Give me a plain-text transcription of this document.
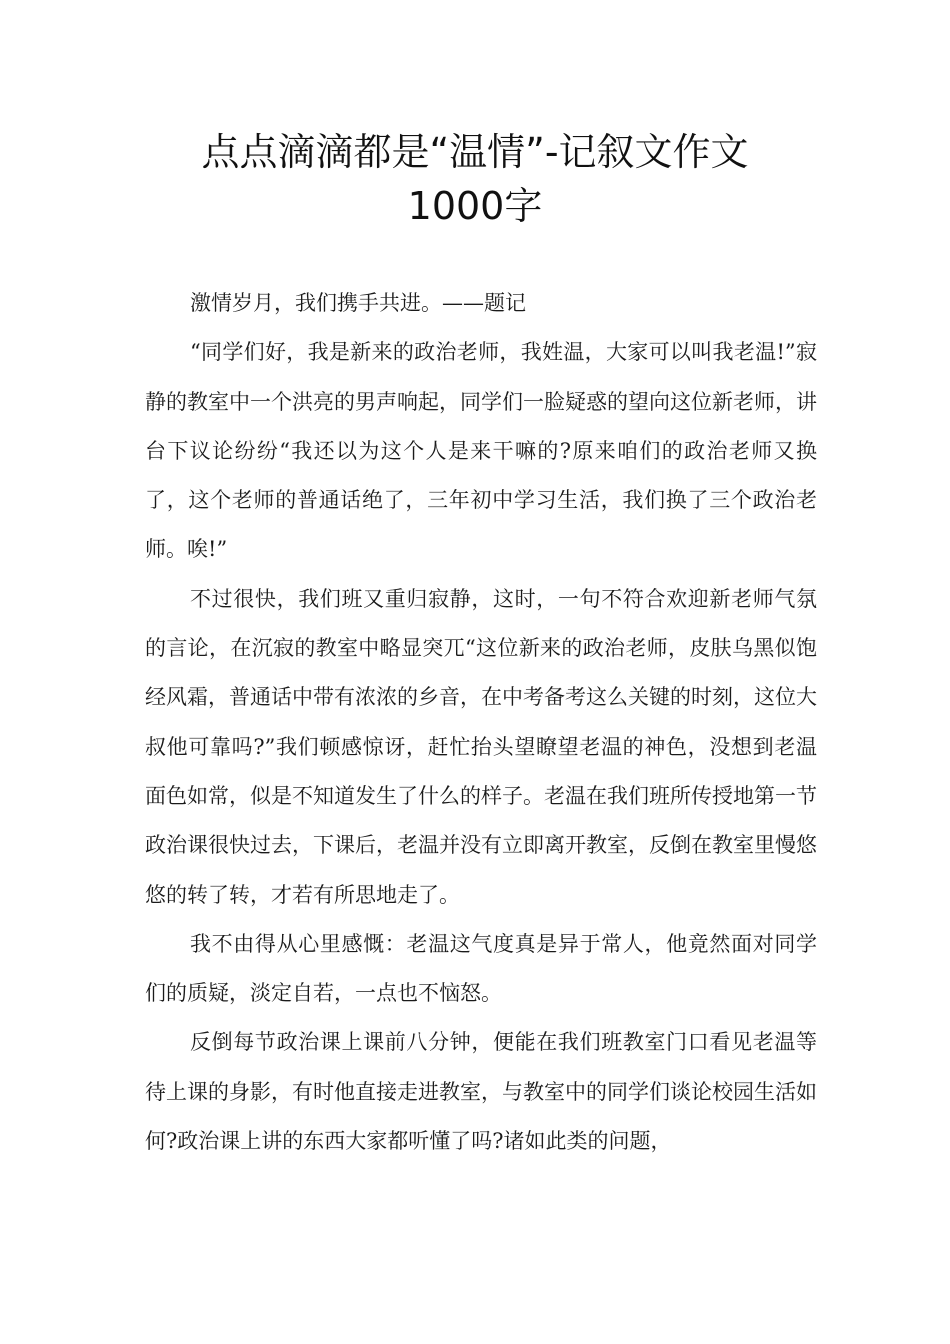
点点滴滴都是“温情”-记叙文作文
1000字

激情岁月，我们携手共进。——题记

“同学们好，我是新来的政治老师，我姓温，大家可以叫我老温!”寂静的教室中一个洪亮的男声响起，同学们一脸疑惑的望向这位新老师，讲台下议论纷纷“我还以为这个人是来干嘛的?原来咱们的政治老师又换了，这个老师的普通话绝了，三年初中学习生活，我们换了三个政治老师。唉!”

不过很快，我们班又重归寂静，这时，一句不符合欢迎新老师气氛的言论，在沉寂的教室中略显突兀“这位新来的政治老师，皮肤乌黑似饱经风霜，普通话中带有浓浓的乡音，在中考备考这么关键的时刻，这位大叔他可靠吗?”我们顿感惊讶，赶忙抬头望瞭望老温的神色，没想到老温面色如常，似是不知道发生了什么的样子。老温在我们班所传授地第一节政治课很快过去，下课后，老温并没有立即离开教室，反倒在教室里慢悠悠的转了转，才若有所思地走了。

我不由得从心里感慨：老温这气度真是异于常人，他竟然面对同学们的质疑，淡定自若，一点也不恼怒。

反倒每节政治课上课前八分钟，便能在我们班教室门口看见老温等待上课的身影，有时他直接走进教室，与教室中的同学们谈论校园生活如何?政治课上讲的东西大家都听懂了吗?诸如此类的问题，
